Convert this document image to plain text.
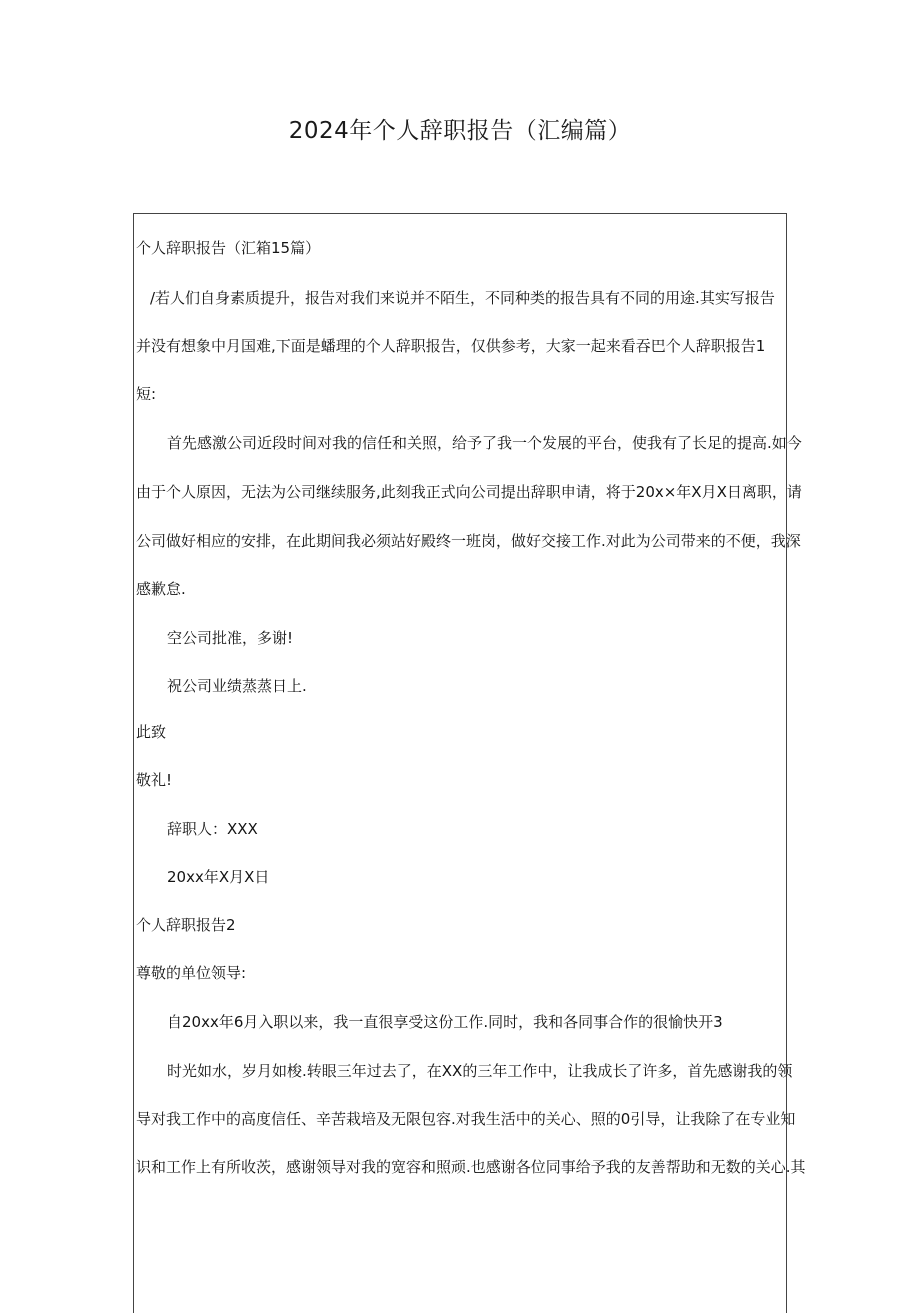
2024年个人辞职报告（汇编篇）
个人辞职报告（汇箱15篇）
/若人们自身素质提升，报告对我们来说并不陌生，不同种类的报告具有不同的用途.其实写报告
并没有想象中月国难,下面是蟠理的个人辞职报告，仅供参考，大家一起来看吞巴个人辞职报告1
短:
首先感激公司近段时间对我的信任和关照，给予了我一个发展的平台，使我有了长足的提高.如今
由于个人原因，无法为公司继续服务,此刻我正式向公司提出辞职申请，将于20x×年X月X日离职，请
公司做好相应的安排，在此期间我必须站好殿终一班岗，做好交接工作.对此为公司带来的不便，我深
感歉怠.
空公司批准，多谢!
祝公司业绩蒸蒸日上.
此致
敬礼!
辞职人：XXX
20xx年X月X日
个人辞职报告2
尊敬的单位领导:
自20xx年6月入职以来，我一直很享受这份工作.同时，我和各同事合作的很愉快开3
时光如水，岁月如梭.转眼三年过去了，在XX的三年工作中，让我成长了许多，首先感谢我的领
导对我工作中的高度信任、辛苦栽培及无限包容.对我生活中的关心、照的0引导，让我除了在专业知
识和工作上有所收茨，感谢领导对我的宽容和照顽.也感谢各位同事给予我的友善帮助和无数的关心.其
